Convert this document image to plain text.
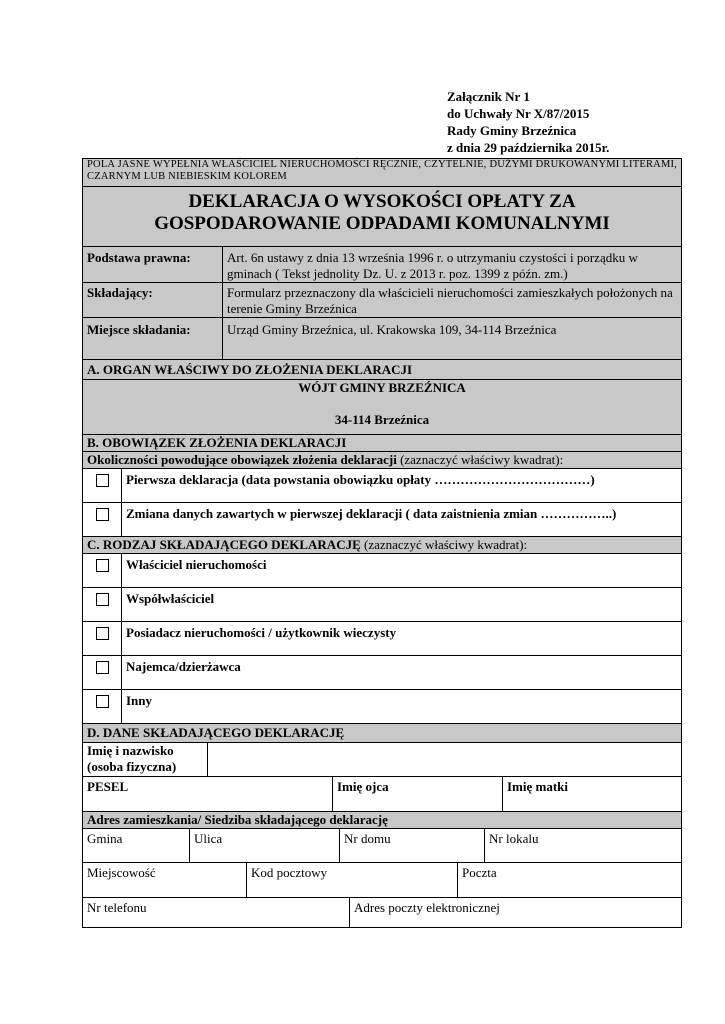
Załącznik Nr 1
do Uchwały Nr X/87/2015
Rady Gminy Brzeźnica
z dnia 29 października 2015r.
POLA JASNE WYPEŁNIA WŁAŚCICIEL NIERUCHOMOŚCI RĘCZNIE, CZYTELNIE, DUŻYMI DRUKOWANYMI LITERAMI, CZARNYM LUB NIEBIESKIM KOLOREM	

DEKLARACJA O WYSOKOŚCI OPŁATY ZA
GOSPODAROWANIE ODPADAMI KOMUNALNYMI	

Podstawa prawna:	Art. 6n ustawy z dnia 13 września 1996 r. o utrzymaniu czystości i porządku w gminach ( Tekst jednolity Dz. U. z 2013 r. poz. 1399 z późn. zm.)
Składający:	Formularz przeznaczony dla właścicieli nieruchomości zamieszkałych położonych na terenie Gminy Brzeźnica
Miejsce składania:	Urząd Gminy Brzeźnica, ul. Krakowska 109, 34-114 Brzeźnica
A. ORGAN WŁAŚCIWY DO ZŁOŻENIA DEKLARACJI	

WÓJT GMINY BRZEŹNICA
34-114 Brzeźnica	
B. OBOWIĄZEK ZŁOŻENIA DEKLARACJI	
Okoliczności powodujące obowiązek złożenia deklaracji (zaznaczyć właściwy kwadrat):	
	Pierwsza deklaracja (data powstania obowiązku opłaty ………………………………)
	Zmiana danych zawartych w pierwszej deklaracji ( data zaistnienia zmian ……………..)
C. RODZAJ SKŁADAJĄCEGO DEKLARACJĘ (zaznaczyć właściwy kwadrat):	
	Właściciel nieruchomości
	Współwłaściciel
	Posiadacz nieruchomości / użytkownik wieczysty
	Najemca/dzierżawca
	Inny
D. DANE SKŁADAJĄCEGO DEKLARACJĘ	
Imię i nazwisko (osoba fizyczna)	
PESEL	Imię ojca	Imię matki
Adres zamieszkania/ Siedziba składającego deklarację
Gmina	Ulica	Nr domu	Nr lokalu
Miejscowość	Kod pocztowy	Poczta
Nr telefonu	Adres poczty elektronicznej
